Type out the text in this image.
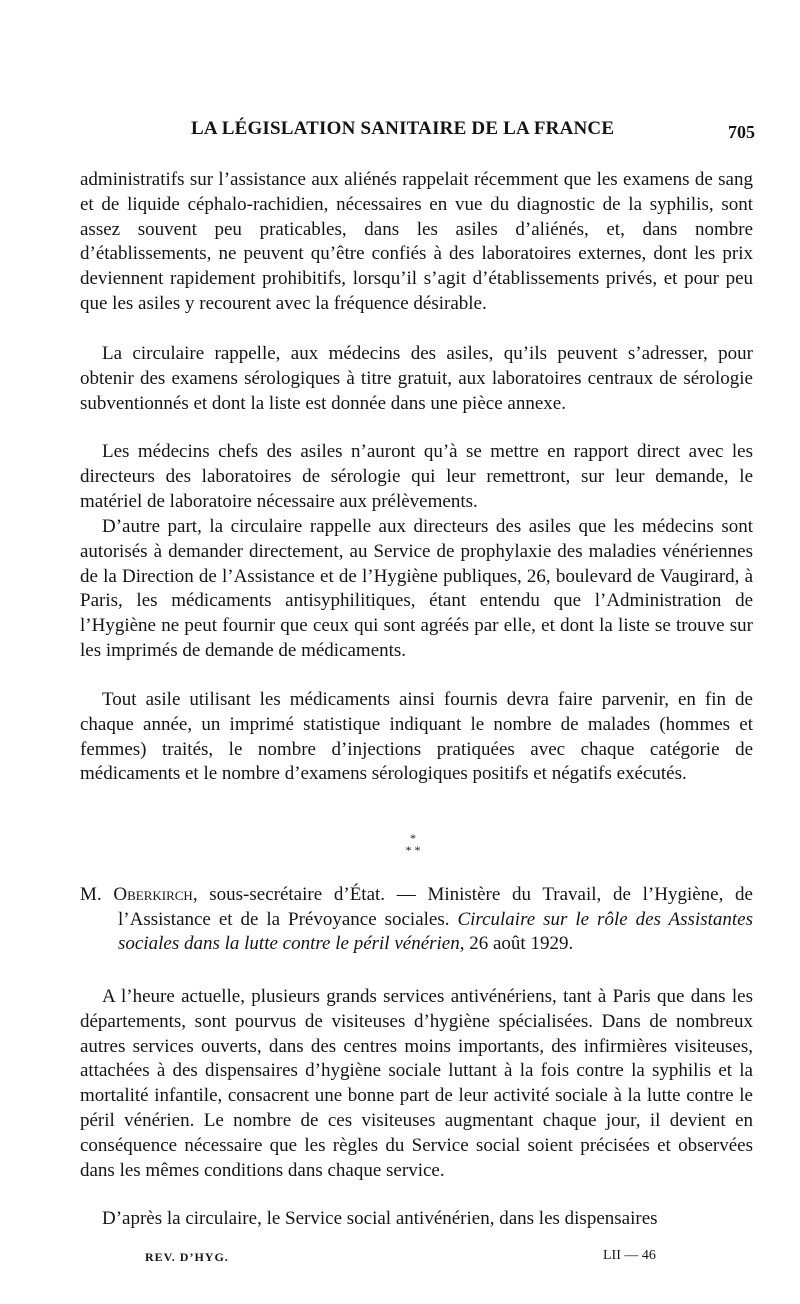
LA LÉGISLATION SANITAIRE DE LA FRANCE	705

administratifs sur l’assistance aux aliénés rappelait récemment que les examens de sang et de liquide céphalo-rachidien, nécessaires en vue du diagnostic de la syphilis, sont assez souvent peu praticables, dans les asiles d’aliénés, et, dans nombre d’établissements, ne peuvent qu’être confiés à des laboratoires externes, dont les prix deviennent rapidement prohibitifs, lorsqu’il s’agit d’établissements privés, et pour peu que les asiles y recourent avec la fréquence désirable.

La circulaire rappelle, aux médecins des asiles, qu’ils peuvent s’adresser, pour obtenir des examens sérologiques à titre gratuit, aux laboratoires centraux de sérologie subventionnés et dont la liste est donnée dans une pièce annexe.

Les médecins chefs des asiles n’auront qu’à se mettre en rapport direct avec les directeurs des laboratoires de sérologie qui leur remettront, sur leur demande, le matériel de laboratoire nécessaire aux prélèvements.

D’autre part, la circulaire rappelle aux directeurs des asiles que les médecins sont autorisés à demander directement, au Service de prophylaxie des maladies vénériennes de la Direction de l’Assistance et de l’Hygiène publiques, 26, boulevard de Vaugirard, à Paris, les médicaments antisyphilitiques, étant entendu que l’Administration de l’Hygiène ne peut fournir que ceux qui sont agréés par elle, et dont la liste se trouve sur les imprimés de demande de médicaments.

Tout asile utilisant les médicaments ainsi fournis devra faire parvenir, en fin de chaque année, un imprimé statistique indiquant le nombre de malades (hommes et femmes) traités, le nombre d’injections pratiquées avec chaque catégorie de médicaments et le nombre d’examens sérologiques positifs et négatifs exécutés.

*
* *
M. Oberkirch, sous-secrétaire d’État. — Ministère du Travail, de l’Hygiène, de l’Assistance et de la Prévoyance sociales. Circulaire sur le rôle des Assistantes sociales dans la lutte contre le péril vénérien, 26 août 1929.

A l’heure actuelle, plusieurs grands services antivénériens, tant à Paris que dans les départements, sont pourvus de visiteuses d’hygiène spécialisées. Dans de nombreux autres services ouverts, dans des centres moins importants, des infirmières visiteuses, attachées à des dispensaires d’hygiène sociale luttant à la fois contre la syphilis et la mortalité infantile, consacrent une bonne part de leur activité sociale à la lutte contre le péril vénérien. Le nombre de ces visiteuses augmentant chaque jour, il devient en conséquence nécessaire que les règles du Service social soient précisées et observées dans les mêmes conditions dans chaque service.

D’après la circulaire, le Service social antivénérien, dans les dispensaires

REV. D’HYG.	LII — 46
